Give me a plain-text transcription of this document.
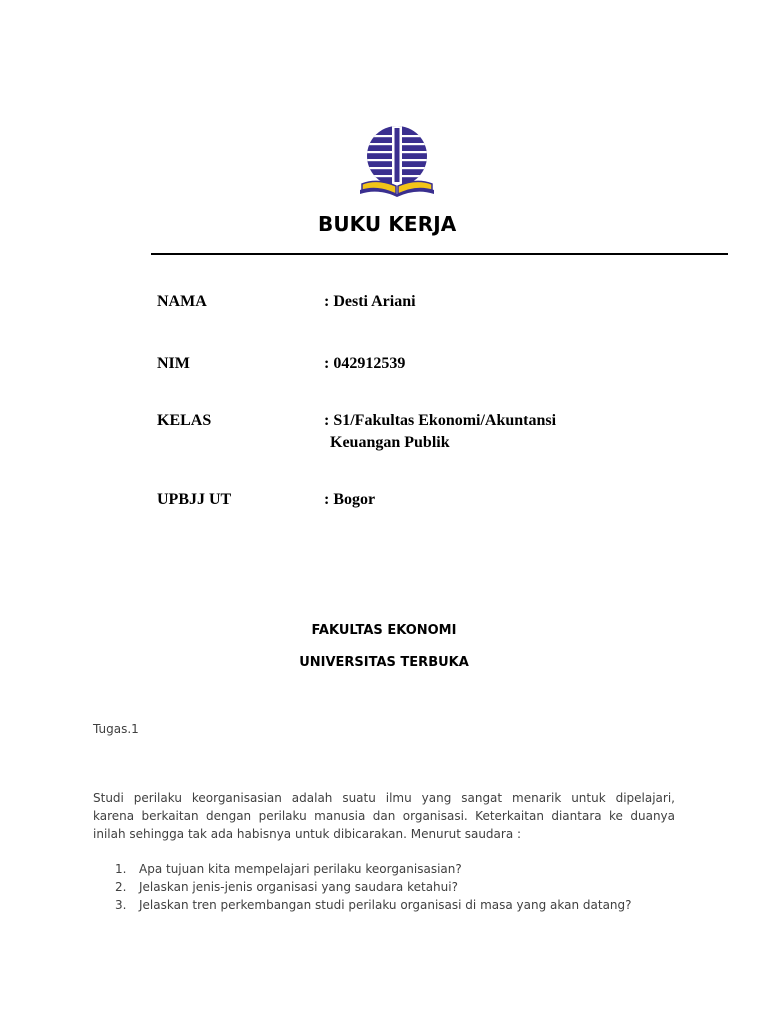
BUKU KERJA
NAMA	: Desti Ariani
NIM	: 042912539
KELAS	: S1/Fakultas Ekonomi/Akuntansi
Keuangan Publik
UPBJJ UT	: Bogor
FAKULTAS EKONOMI
UNIVERSITAS TERBUKA
Tugas.1
Studi perilaku keorganisasian adalah suatu ilmu yang sangat menarik untuk dipelajari,
karena berkaitan dengan perilaku manusia dan organisasi. Keterkaitan diantara ke duanya
inilah sehingga tak ada habisnya untuk dibicarakan. Menurut saudara :
1. Apa tujuan kita mempelajari perilaku keorganisasian?
2. Jelaskan jenis-jenis organisasi yang saudara ketahui?
3. Jelaskan tren perkembangan studi perilaku organisasi di masa yang akan datang?
